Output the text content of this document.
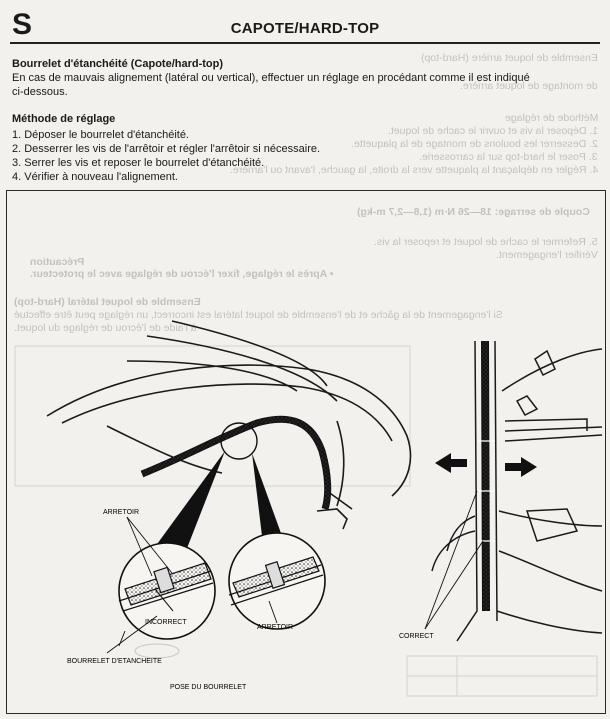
Ensemble de loquet arrière (Hard-top)
de montage de loquet arrière.
Méthode de réglage
1. Déposer la vis et ouvrir le cache de loquet.
2. Desserrer les boulons de montage de la plaquette.
3. Poser le hard-top sur la carrosserie.
4. Régler en déplaçant la plaquette vers la droite, la gauche, l'avant ou l'arrière.
Couple de serrage: 18—26 N·m (1,8—2,7 m-kg)
5. Refermer le cache de loquet et reposer la vis.
Vérifier l'engagement.
Précaution
• Après le réglage, fixer l'écrou de réglage avec le protecteur.
Ensemble de loquet latéral (Hard-top)
Si l'engagement de la gâche et de l'ensemble de loquet latéral est incorrect, un réglage peut être effectué
à l'aide de l'écrou de réglage du loquet.
S	CAPOTE/HARD-TOP
Bourrelet d'étanchéité (Capote/hard-top)
En cas de mauvais alignement (latéral ou vertical), effectuer un réglage en procédant comme il est indiqué
ci-dessous.
Méthode de réglage
1. Déposer le bourrelet d'étanchéité.
2. Desserrer les vis de l'arrêtoir et régler l'arrêtoir si nécessaire.
3. Serrer les vis et reposer le bourrelet d'étanchéité.
4. Vérifier à nouveau l'alignement.
ARRETOIR
INCORRECT
ARRETOIR
BOURRELET D'ETANCHEITE
POSE DU BOURRELET
CORRECT
